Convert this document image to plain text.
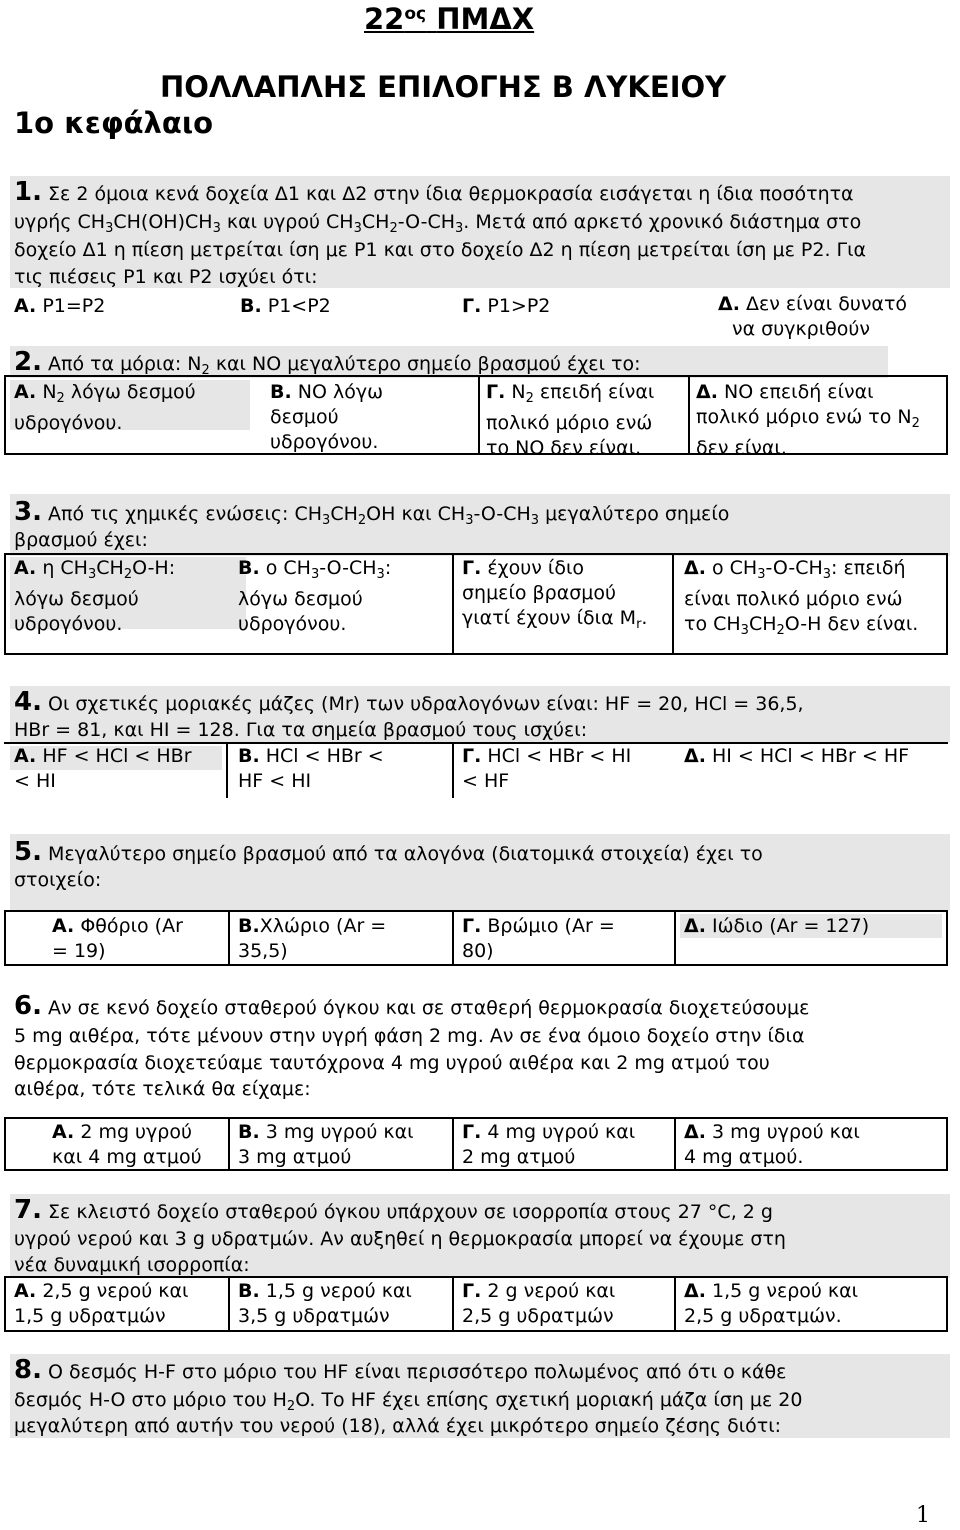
$22^{o\varsigma}$ ΠΜΔΧ
ΠΟΛΛΑΠΛΗΣ ΕΠΙΛΟΓΗΣ Β ΛΥΚΕΙΟΥ
1ο κεφάλαιο
1. Σε 2 όμοια κενά δοχεία Δ1 και Δ2 στην ίδια θερμοκρασία εισάγεται η ίδια ποσότητα
υγρής $CH_3CH(OH)CH_3$ και υγρού $CH_3CH_2-O-CH_3$. Μετά από αρκετό χρονικό διάστημα στο
δοχείο Δ1 η πίεση μετρείται ίση με P1 και στο δοχείο Δ2 η πίεση μετρείται ίση με P2. Για
τις πιέσεις P1 και P2 ισχύει ότι:
A. P1=P2	B. P1<P2	Γ. P1>P2	Δ. Δεν είναι δυνατό
να συγκριθούν
2. Από τα μόρια: $N_2$ και NO μεγαλύτερο σημείο βρασμού έχει το:
A. $N_2$ λόγω δεσμού
υδρογόνου.
B. NO λόγω
δεσμού
υδρογόνου.
Γ. $N_2$ επειδή είναι
πολικό μόριο ενώ
το NO δεν είναι.
Δ. NO επειδή είναι
πολικό μόριο ενώ το $N_2$
δεν είναι.
3. Από τις χημικές ενώσεις: $CH_3CH_2OH$ και $CH_3-O-CH_3$ μεγαλύτερο σημείο
βρασμού έχει:
A. η $CH_3CH_2O-H$:
λόγω δεσμού
υδρογόνου.
B. ο $CH_3-O-CH_3$:
λόγω δεσμού
υδρογόνου.
Γ. έχουν ίδιο
σημείο βρασμού
γιατί έχουν ίδια $M_r$.
Δ. ο $CH_3-O-CH_3$: επειδή
είναι πολικό μόριο ενώ
το $CH_3CH_2O-H$ δεν είναι.
4. Οι σχετικές μοριακές μάζες (Mr) των υδραλογόνων είναι: HF = 20, HCl = 36,5,
HBr = 81, και HI = 128. Για τα σημεία βρασμού τους ισχύει:
A. HF < HCl < HBr
< HI
B. HCl < HBr <
HF < HI
Γ. HCl < HBr < HI
< HF
Δ. HI < HCl < HBr < HF
5. Μεγαλύτερο σημείο βρασμού από τα αλογόνα (διατομικά στοιχεία) έχει το
στοιχείο:
A. Φθόριο (Ar
= 19)
B.Χλώριο (Ar =
35,5)
Γ. Βρώμιο (Ar =
80)
Δ. Ιώδιο (Ar = 127)
6. Αν σε κενό δοχείο σταθερού όγκου και σε σταθερή θερμοκρασία διοχετεύσουμε
5 mg αιθέρα, τότε μένουν στην υγρή φάση 2 mg. Αν σε ένα όμοιο δοχείο στην ίδια
θερμοκρασία διοχετεύαμε ταυτόχρονα 4 mg υγρού αιθέρα και 2 mg ατμού του
αιθέρα, τότε τελικά θα είχαμε:
A. 2 mg υγρού
και 4 mg ατμού
B. 3 mg υγρού και
3 mg ατμού
Γ. 4 mg υγρού και
2 mg ατμού
Δ. 3 mg υγρού και
4 mg ατμού.
7. Σε κλειστό δοχείο σταθερού όγκου υπάρχουν σε ισορροπία στους 27 °C, 2 g
υγρού νερού και 3 g υδρατμών. Αν αυξηθεί η θερμοκρασία μπορεί να έχουμε στη
νέα δυναμική ισορροπία:
A. 2,5 g νερού και
1,5 g υδρατμών
B. 1,5 g νερού και
3,5 g υδρατμών
Γ. 2 g νερού και
2,5 g υδρατμών
Δ. 1,5 g νερού και
2,5 g υδρατμών.
8. Ο δεσμός H-F στο μόριο του HF είναι περισσότερο πολωμένος από ότι ο κάθε
δεσμός H-O στο μόριο του $H_2O$. Το HF έχει επίσης σχετική μοριακή μάζα ίση με 20
μεγαλύτερη από αυτήν του νερού (18), αλλά έχει μικρότερο σημείο ζέσης διότι:
1
